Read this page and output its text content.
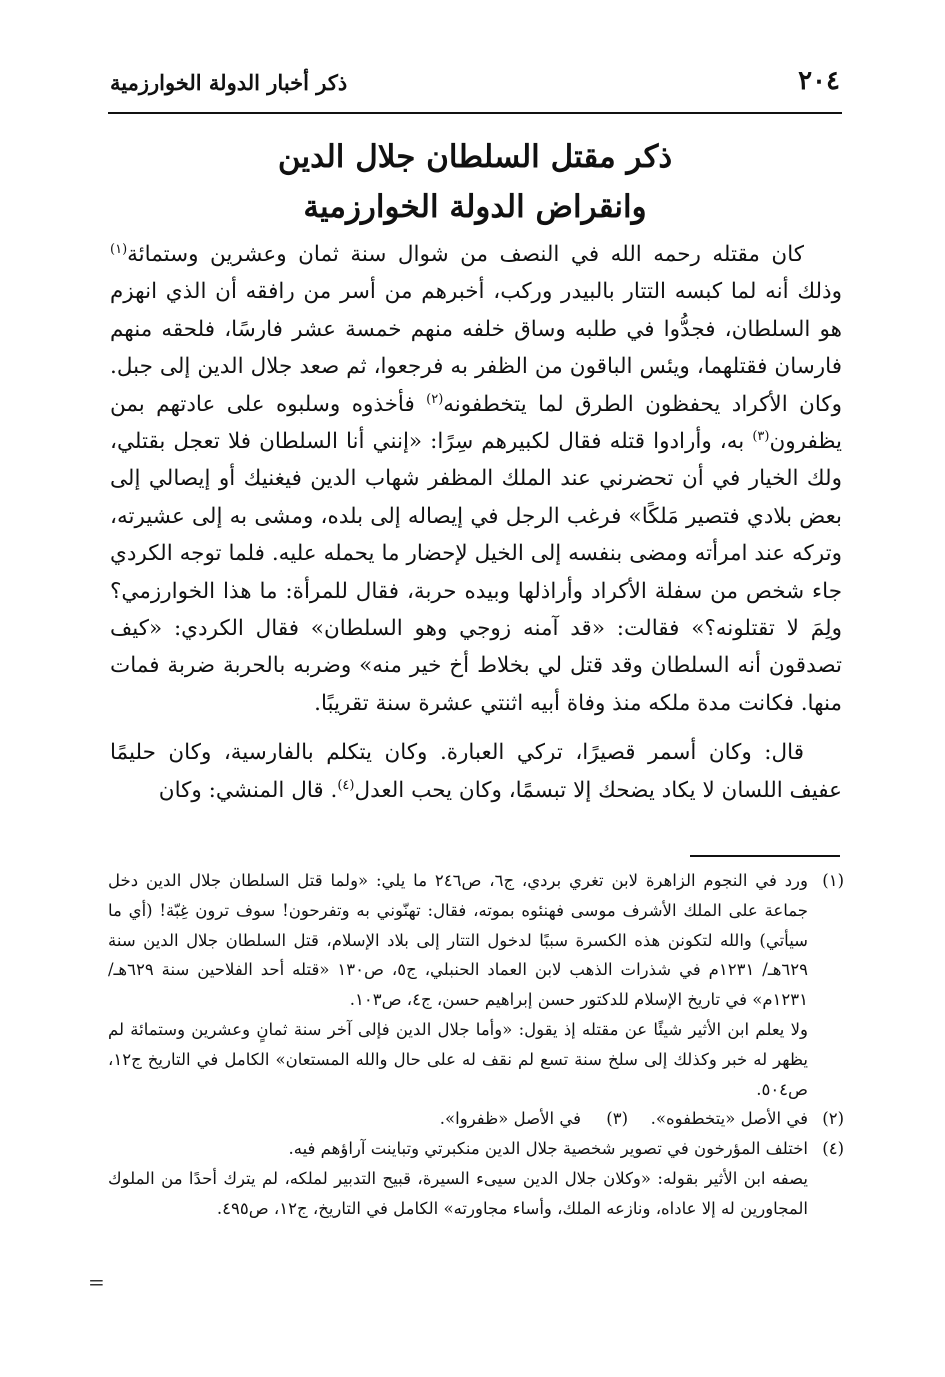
٢٠٤
ذكر أخبار الدولة الخوارزمية
ذكر مقتل السلطان جلال الدين
وانقراض الدولة الخوارزمية

كان مقتله رحمه الله في النصف من شوال سنة ثمان وعشرين وستمائة$^{(١)}$ وذلك أنه لما كبسه التتار بالبيدر وركب، أخبرهم من أسر من رافقه أن الذي انهزم هو السلطان، فجدُّوا في طلبه وساق خلفه منهم خمسة عشر فارسًا، فلحقه منهم فارسان فقتلهما، ويئس الباقون من الظفر به فرجعوا، ثم صعد جلال الدين إلى جبل. وكان الأكراد يحفظون الطرق لما يتخطفونه$^{(٢)}$ فأخذوه وسلبوه على عادتهم بمن يظفرون$^{(٣)}$ به، وأرادوا قتله فقال لكبيرهم سِرًا: «إنني أنا السلطان فلا تعجل بقتلي، ولك الخيار في أن تحضرني عند الملك المظفر شهاب الدين فيغنيك أو إيصالي إلى بعض بلادي فتصير مَلكًا» فرغب الرجل في إيصاله إلى بلده، ومشى به إلى عشيرته، وتركه عند امرأته ومضى بنفسه إلى الخيل لإحضار ما يحمله عليه. فلما توجه الكردي جاء شخص من سفلة الأكراد وأراذلها وبيده حربة، فقال للمرأة: ما هذا الخوارزمي؟ ولِمَ لا تقتلونه؟» فقالت: «قد آمنه زوجي وهو السلطان» فقال الكردي: «كيف تصدقون أنه السلطان وقد قتل لي بخلاط أخ خير منه» وضربه بالحربة ضربة فمات منها. فكانت مدة ملكه منذ وفاة أبيه اثنتي عشرة سنة تقريبًا.

قال: وكان أسمر قصيرًا، تركي العبارة. وكان يتكلم بالفارسية، وكان حليمًا عفيف اللسان لا يكاد يضحك إلا تبسمًا، وكان يحب العدل$^{(٤)}$. قال المنشي: وكان

(١)
ورد في النجوم الزاهرة لابن تغري بردي، ج٦، ص٢٤٦ ما يلي: «ولما قتل السلطان جلال الدين دخل جماعة على الملك الأشرف موسى فهنئوه بموته، فقال: تهنّوني به وتفرحون! سوف ترون غِبّة! (أي ما سيأتي) والله لتكونن هذه الكسرة سببًا لدخول التتار إلى بلاد الإسلام، قتل السلطان جلال الدين سنة ٦٢٩هـ/ ١٢٣١م في شذرات الذهب لابن العماد الحنبلي، ج٥، ص١٣٠ «قتله أحد الفلاحين سنة ٦٢٩هـ/ ١٢٣١م» في تاريخ الإسلام للدكتور حسن إبراهيم حسن، ج٤، ص١٠٣.
ولا يعلم ابن الأثير شيئًا عن مقتله إذ يقول: «وأما جلال الدين فإلى آخر سنة ثمانٍ وعشرين وستمائة لم يظهر له خبر وكذلك إلى سلخ سنة تسع لم نقف له على حال والله المستعان» الكامل في التاريخ ج١٢، ص٥٠٤.
(٢)
في الأصل «يتخطفوه».
(٣) في الأصل «ظفروا».
(٤)
اختلف المؤرخون في تصوير شخصية جلال الدين منكبرتي وتباينت آراؤهم فيه.
يصفه ابن الأثير بقوله: «وكلان جلال الدين سيىء السيرة، قبيح التدبير لملكه، لم يترك أحدًا من الملوك المجاورين له إلا عاداه، ونازعه الملك، وأساء مجاورته» الكامل في التاريخ، ج١٢، ص٤٩٥.
=
